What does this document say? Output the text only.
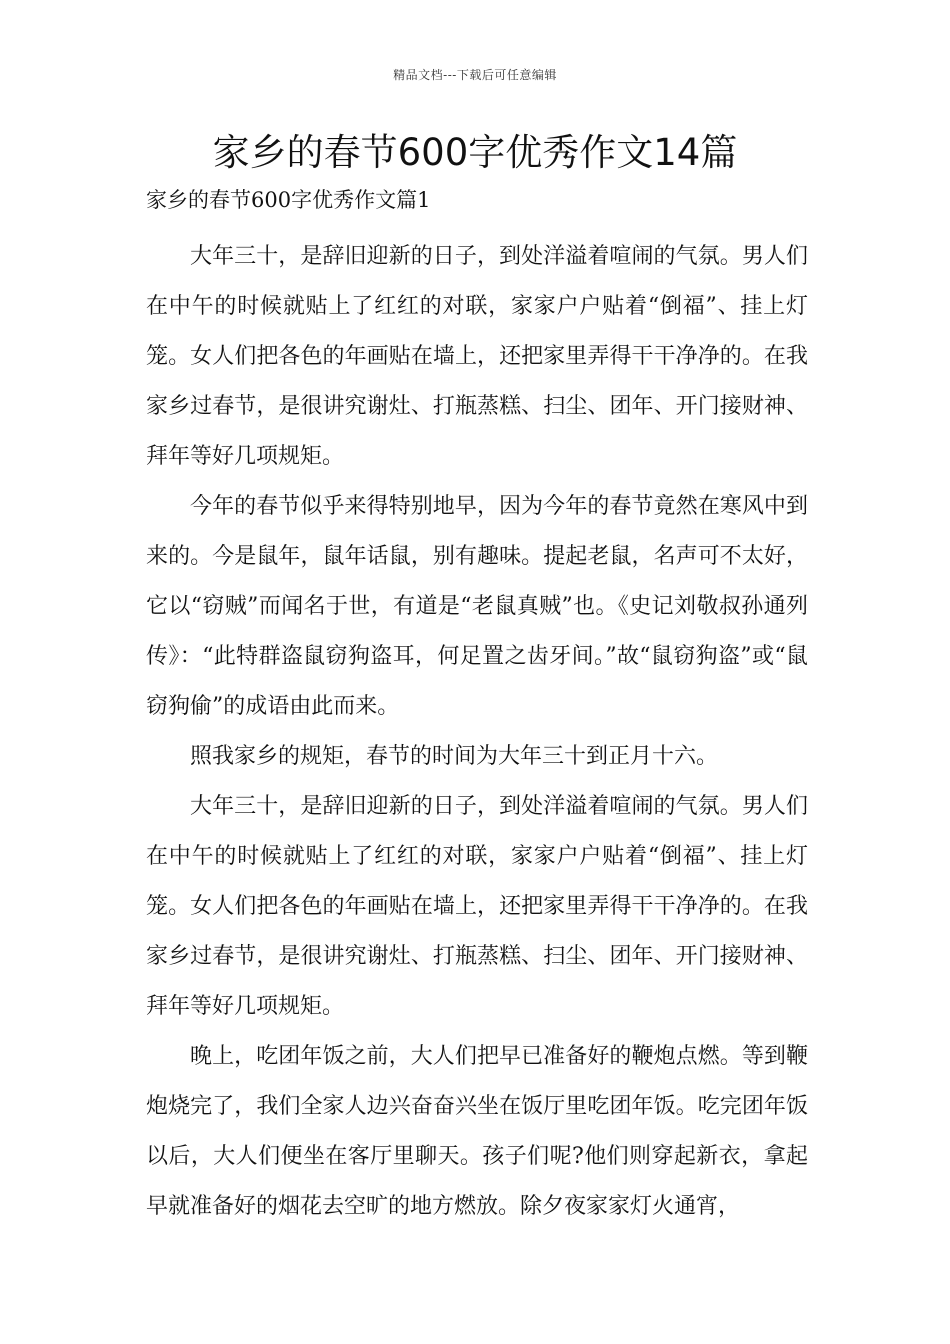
精品文档---下载后可任意编辑
家乡的春节600字优秀作文14篇
家乡的春节600字优秀作文篇1

大年三十，是辞旧迎新的日子，到处洋溢着喧闹的气氛。男人们在中午的时候就贴上了红红的对联，家家户户贴着“倒福”、挂上灯笼。女人们把各色的年画贴在墙上，还把家里弄得干干净净的。在我家乡过春节，是很讲究谢灶、打瓶蒸糕、扫尘、团年、开门接财神、拜年等好几项规矩。

今年的春节似乎来得特别地早，因为今年的春节竟然在寒风中到来的。今是鼠年，鼠年话鼠，别有趣味。提起老鼠，名声可不太好，它以“窃贼”而闻名于世，有道是“老鼠真贼”也。《史记刘敬叔孙通列传》：“此特群盗鼠窃狗盗耳，何足置之齿牙间。”故“鼠窃狗盗”或“鼠窃狗偷”的成语由此而来。

照我家乡的规矩，春节的时间为大年三十到正月十六。

大年三十，是辞旧迎新的日子，到处洋溢着喧闹的气氛。男人们在中午的时候就贴上了红红的对联，家家户户贴着“倒福”、挂上灯笼。女人们把各色的年画贴在墙上，还把家里弄得干干净净的。在我家乡过春节，是很讲究谢灶、打瓶蒸糕、扫尘、团年、开门接财神、拜年等好几项规矩。

晚上，吃团年饭之前，大人们把早已准备好的鞭炮点燃。等到鞭炮烧完了，我们全家人边兴奋奋兴坐在饭厅里吃团年饭。吃完团年饭以后，大人们便坐在客厅里聊天。孩子们呢?他们则穿起新衣，拿起早就准备好的烟花去空旷的地方燃放。除夕夜家家灯火通宵，
